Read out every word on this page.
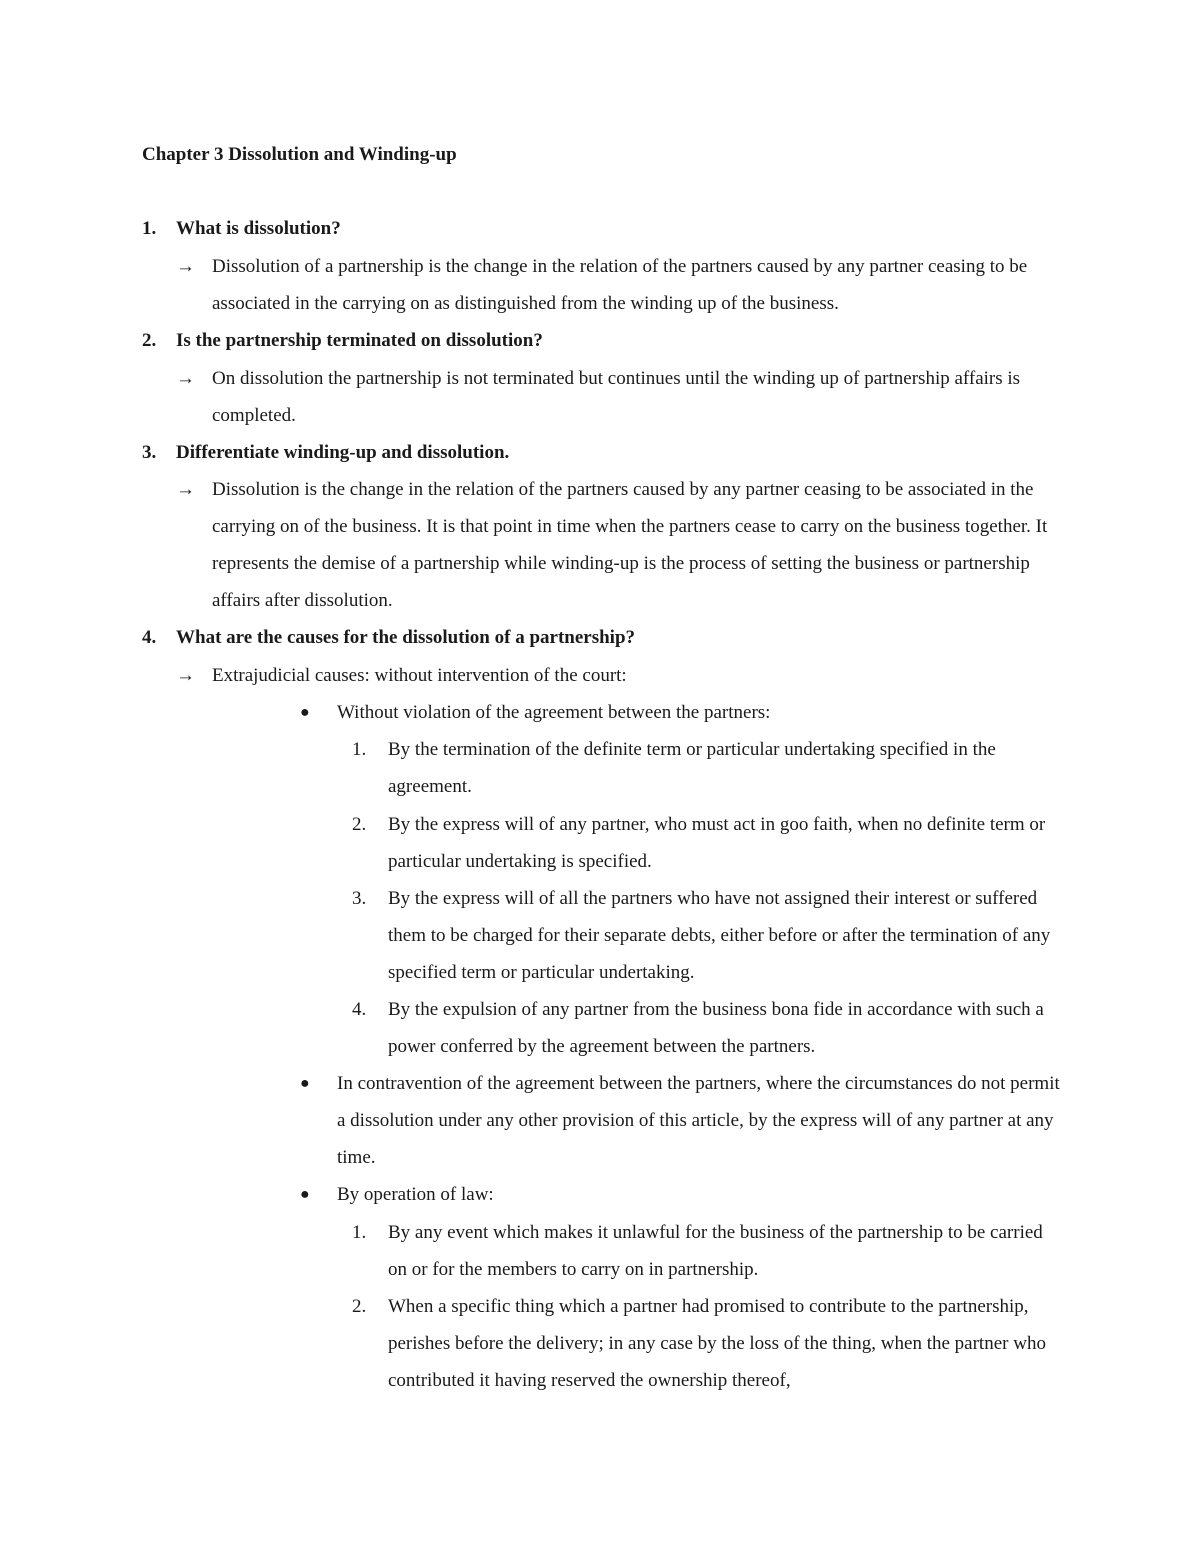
Chapter 3 Dissolution and Winding-up
1. What is dissolution?
→ Dissolution of a partnership is the change in the relation of the partners caused by any partner ceasing to be associated in the carrying on as distinguished from the winding up of the business.
2. Is the partnership terminated on dissolution?
→ On dissolution the partnership is not terminated but continues until the winding up of partnership affairs is completed.
3. Differentiate winding-up and dissolution.
→ Dissolution is the change in the relation of the partners caused by any partner ceasing to be associated in the carrying on of the business. It is that point in time when the partners cease to carry on the business together. It represents the demise of a partnership while winding-up is the process of setting the business or partnership affairs after dissolution.
4. What are the causes for the dissolution of a partnership?
→ Extrajudicial causes: without intervention of the court:
● Without violation of the agreement between the partners:
1. By the termination of the definite term or particular undertaking specified in the agreement.
2. By the express will of any partner, who must act in goo faith, when no definite term or particular undertaking is specified.
3. By the express will of all the partners who have not assigned their interest or suffered them to be charged for their separate debts, either before or after the termination of any specified term or particular undertaking.
4. By the expulsion of any partner from the business bona fide in accordance with such a power conferred by the agreement between the partners.
● In contravention of the agreement between the partners, where the circumstances do not permit a dissolution under any other provision of this article, by the express will of any partner at any time.
● By operation of law:
1. By any event which makes it unlawful for the business of the partnership to be carried on or for the members to carry on in partnership.
2. When a specific thing which a partner had promised to contribute to the partnership, perishes before the delivery; in any case by the loss of the thing, when the partner who contributed it having reserved the ownership thereof,
